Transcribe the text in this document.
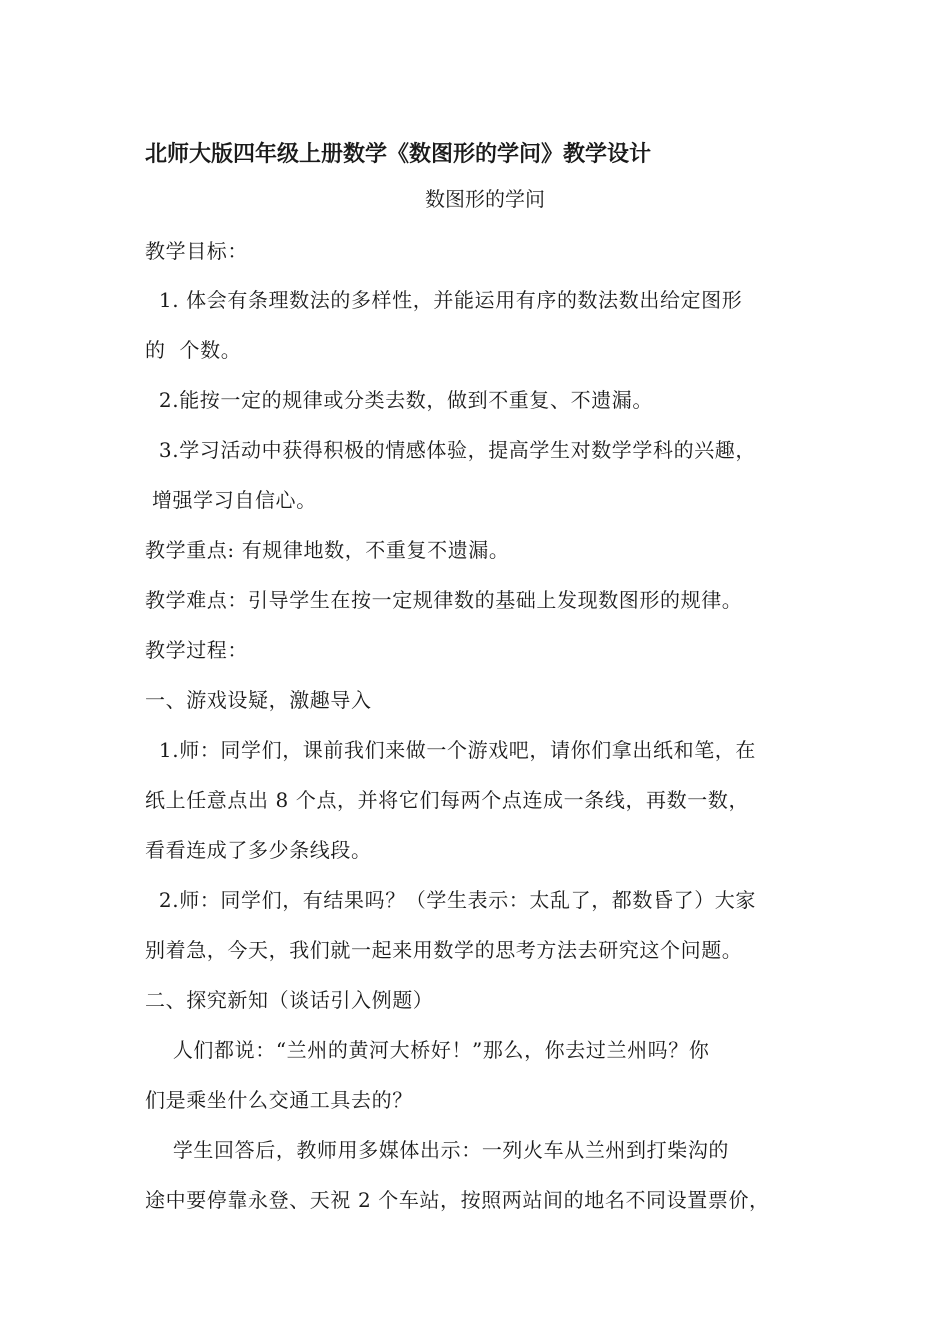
北师大版四年级上册数学《数图形的学问》教学设计
数图形的学问
教学目标：
1. 体会有条理数法的多样性，并能运用有序的数法数出给定图形
的  个数。
2.能按一定的规律或分类去数，做到不重复、不遗漏。
3.学习活动中获得积极的情感体验，提高学生对数学学科的兴趣，
增强学习自信心。
教学重点: 有规律地数，不重复不遗漏。
教学难点：引导学生在按一定规律数的基础上发现数图形的规律。
教学过程：
一、游戏设疑，激趣导入
1.师：同学们，课前我们来做一个游戏吧，请你们拿出纸和笔，在
纸上任意点出 8 个点，并将它们每两个点连成一条线，再数一数，
看看连成了多少条线段。
2.师：同学们，有结果吗？（学生表示：太乱了，都数昏了）大家
别着急，今天，我们就一起来用数学的思考方法去研究这个问题。
二、探究新知（谈话引入例题）
人们都说：“兰州的黄河大桥好！”那么，你去过兰州吗？你
们是乘坐什么交通工具去的？
学生回答后，教师用多媒体出示：一列火车从兰州到打柴沟的
途中要停靠永登、天祝 2 个车站，按照两站间的地名不同设置票价，
